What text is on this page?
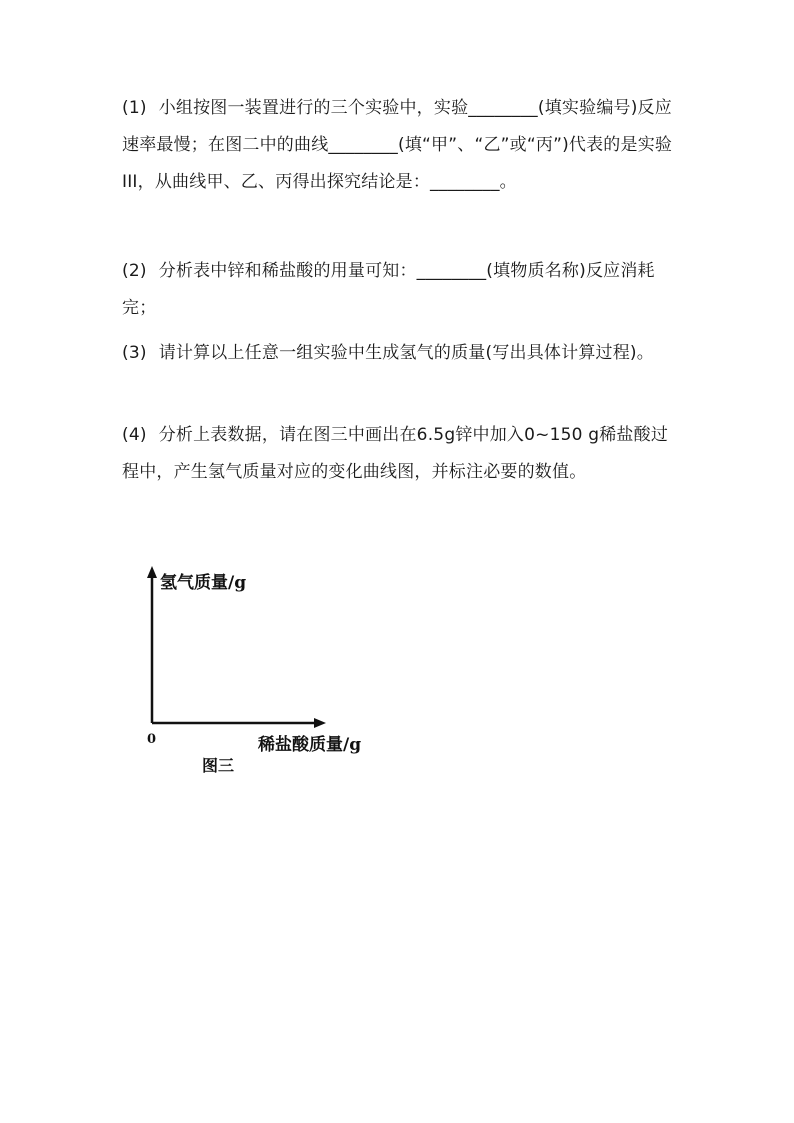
(1) 小组按图一装置进行的三个实验中，实验________(填实验编号)反应速率最慢；在图二中的曲线________(填“甲”、“乙”或“丙”)代表的是实验III，从曲线甲、乙、丙得出探究结论是：________。

(2) 分析表中锌和稀盐酸的用量可知：________(填物质名称)反应消耗完；

(3) 请计算以上任意一组实验中生成氢气的质量(写出具体计算过程)。

(4) 分析上表数据，请在图三中画出在6.5g锌中加入0~150 g稀盐酸过程中，产生氢气质量对应的变化曲线图，并标注必要的数值。

氢气质量/g
稀盐酸质量/g
0
图三
